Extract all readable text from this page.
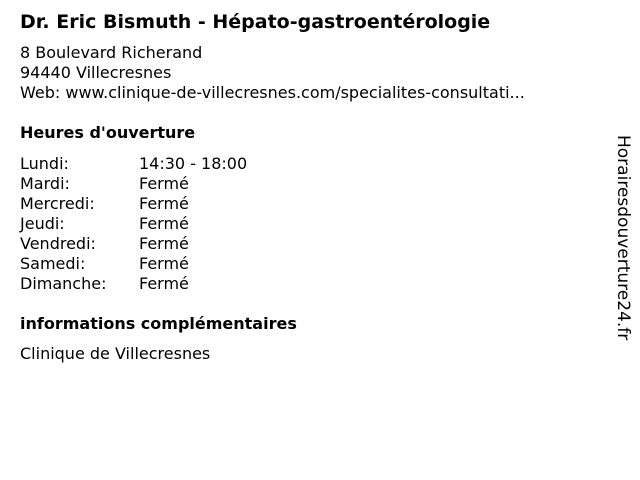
Dr. Eric Bismuth - Hépato-gastroentérologie
8 Boulevard Richerand
94440 Villecresnes
Web: www.clinique-de-villecresnes.com/specialites-consultati...
Heures d'ouverture
Lundi:	14:30 - 18:00
Mardi:	Fermé
Mercredi:	Fermé
Jeudi:	Fermé
Vendredi:	Fermé
Samedi:	Fermé
Dimanche:	Fermé
informations complémentaires
Clinique de Villecresnes
Horairesdouverture24.fr
